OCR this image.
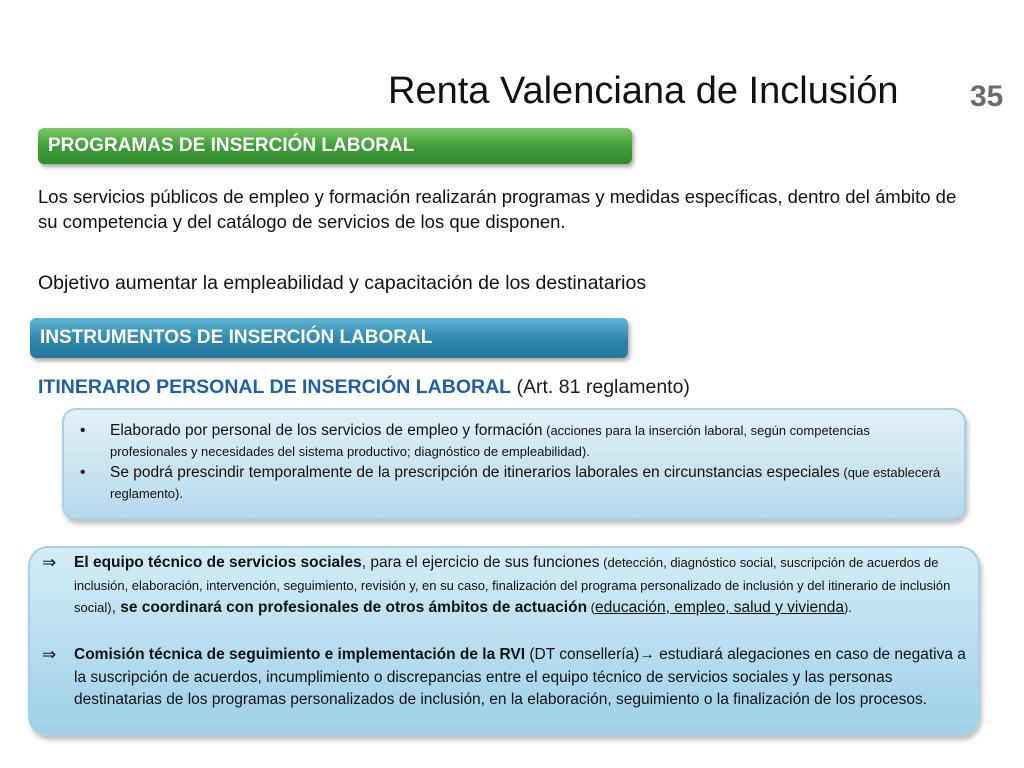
Renta Valenciana de Inclusión 35
PROGRAMAS DE INSERCIÓN LABORAL
Los servicios públicos de empleo y formación realizarán programas y medidas específicas, dentro del ámbito de su competencia y del catálogo de servicios de los que disponen.
Objetivo aumentar la empleabilidad y capacitación de los destinatarios
INSTRUMENTOS DE INSERCIÓN LABORAL
ITINERARIO PERSONAL DE INSERCIÓN LABORAL (Art. 81 reglamento)
• Elaborado por personal de los servicios de empleo y formación (acciones para la inserción laboral, según competencias profesionales y necesidades del sistema productivo; diagnóstico de empleabilidad).
• Se podrá prescindir temporalmente de la prescripción de itinerarios laborales en circunstancias especiales (que establecerá reglamento).
⇒ El equipo técnico de servicios sociales, para el ejercicio de sus funciones (detección, diagnóstico social, suscripción de acuerdos de inclusión, elaboración, intervención, seguimiento, revisión y, en su caso, finalización del programa personalizado de inclusión y del itinerario de inclusión social), se coordinará con profesionales de otros ámbitos de actuación (educación, empleo, salud y vivienda).
⇒ Comisión técnica de seguimiento e implementación de la RVI (DT consellería)→ estudiará alegaciones en caso de negativa a la suscripción de acuerdos, incumplimiento o discrepancias entre el equipo técnico de servicios sociales y las personas destinatarias de los programas personalizados de inclusión, en la elaboración, seguimiento o la finalización de los procesos.
